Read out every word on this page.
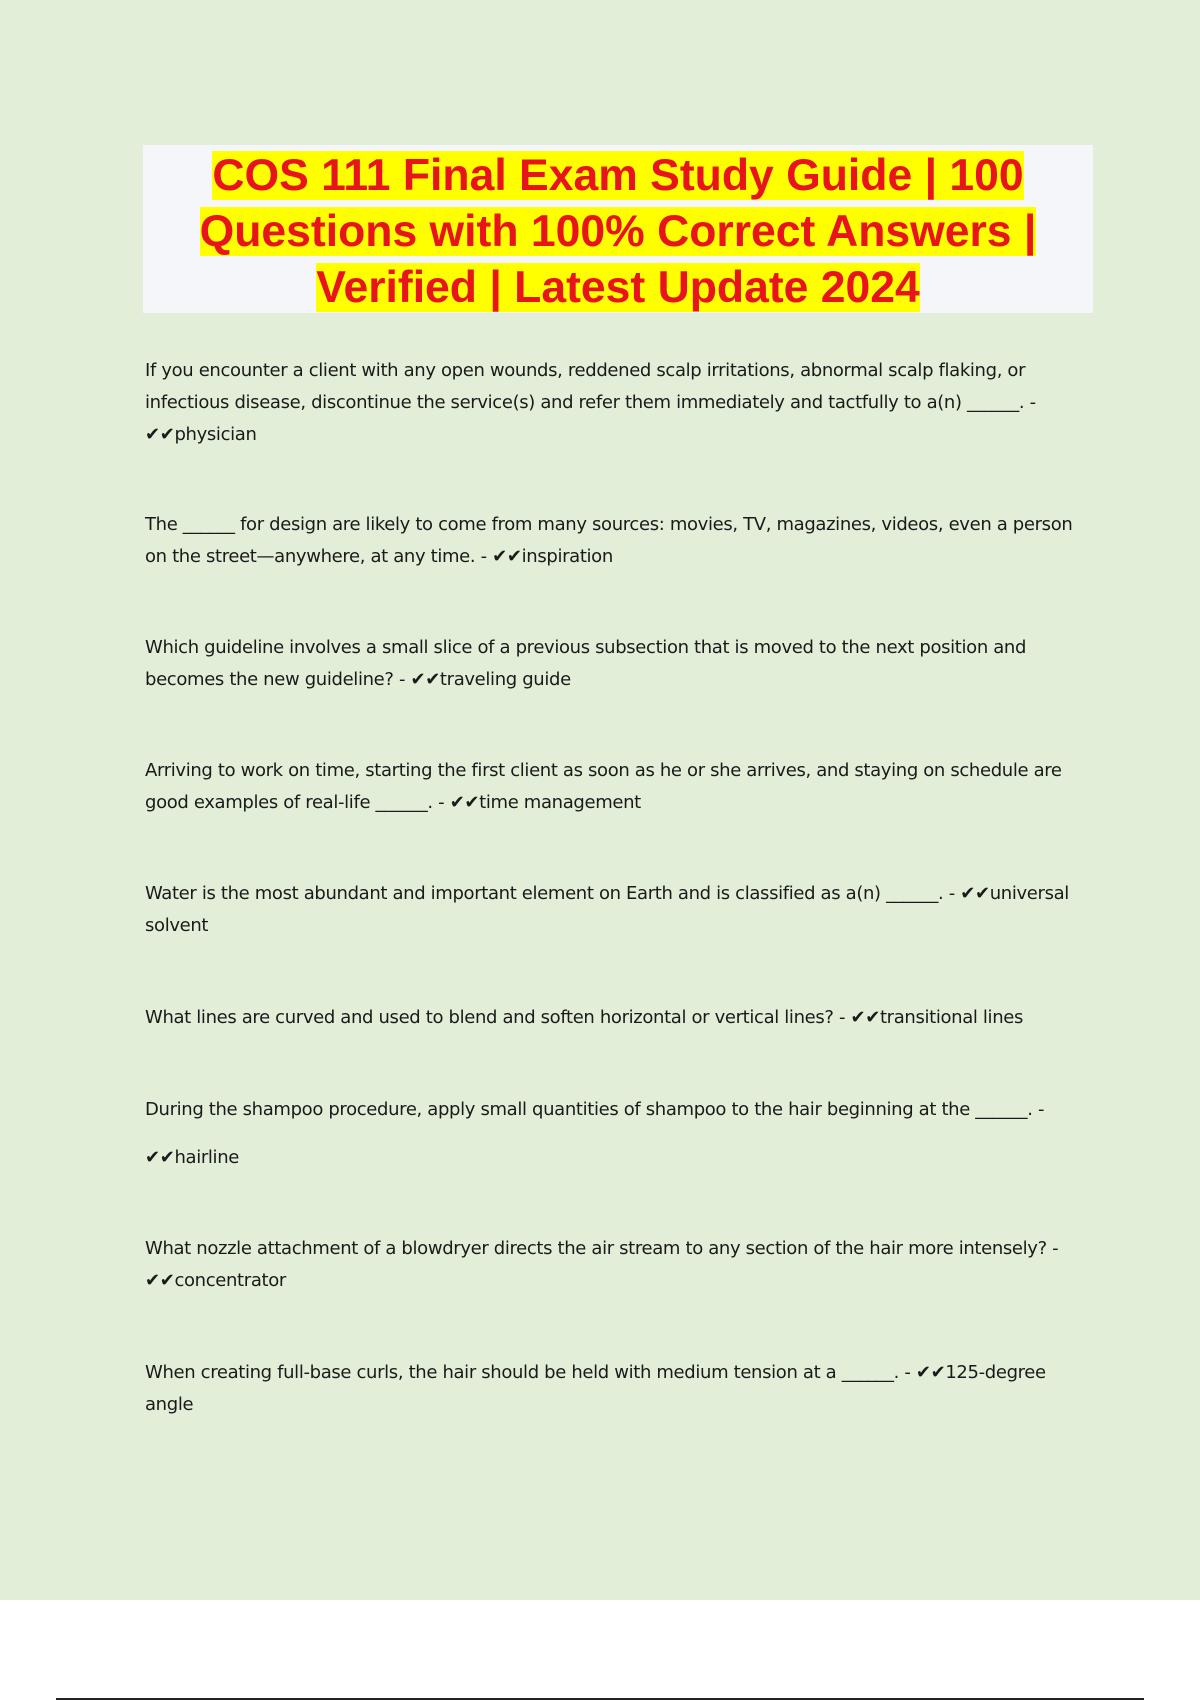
COS 111 Final Exam Study Guide | 100 Questions with 100% Correct Answers | Verified | Latest Update 2024

If you encounter a client with any open wounds, reddened scalp irritations, abnormal scalp flaking, or infectious disease, discontinue the service(s) and refer them immediately and tactfully to a(n) ______. - ✔✔physician

The ______ for design are likely to come from many sources: movies, TV, magazines, videos, even a person on the street—anywhere, at any time. - ✔✔inspiration

Which guideline involves a small slice of a previous subsection that is moved to the next position and becomes the new guideline? - ✔✔traveling guide

Arriving to work on time, starting the first client as soon as he or she arrives, and staying on schedule are good examples of real-life ______. - ✔✔time management

Water is the most abundant and important element on Earth and is classified as a(n) ______. - ✔✔universal solvent

What lines are curved and used to blend and soften horizontal or vertical lines? - ✔✔transitional lines

During the shampoo procedure, apply small quantities of shampoo to the hair beginning at the ______. - ✔✔hairline

What nozzle attachment of a blowdryer directs the air stream to any section of the hair more intensely? - ✔✔concentrator

When creating full-base curls, the hair should be held with medium tension at a ______. - ✔✔125-degree angle
